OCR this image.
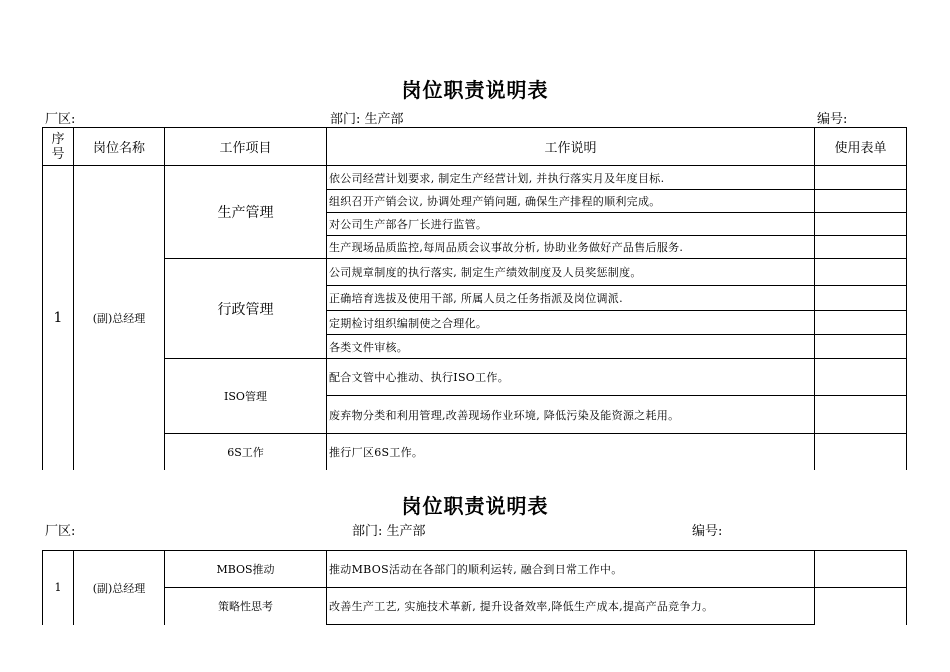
岗位职责说明表
厂区:	部门: 生产部	编号:
序号	岗位名称	工作项目	工作说明	使用表单
1	(副)总经理	生产管理	依公司经营计划要求, 制定生产经营计划, 并执行落实月及年度目标.	
			组织召开产销会议, 协调处理产销问题, 确保生产排程的顺利完成。	
			对公司生产部各厂长进行监管。	
			生产现场品质监控,每周品质会议事故分析, 协助业务做好产品售后服务.	
		行政管理	公司规章制度的执行落实, 制定生产绩效制度及人员奖惩制度。	
			正确培育选拔及使用干部, 所属人员之任务指派及岗位调派.	
			定期检讨组织编制使之合理化。	
			各类文件审核。	
		ISO管理	配合文管中心推动、执行ISO工作。	
			废弃物分类和利用管理,改善现场作业环境, 降低污染及能资源之耗用。	
		6S工作	推行厂区6S工作。	

岗位职责说明表
厂区:	部门: 生产部	编号:
1	(副)总经理	MBOS推动	推动MBOS活动在各部门的顺利运转, 融合到日常工作中。	
		策略性思考	改善生产工艺, 实施技术革新, 提升设备效率,降低生产成本,提高产品竞争力。	
